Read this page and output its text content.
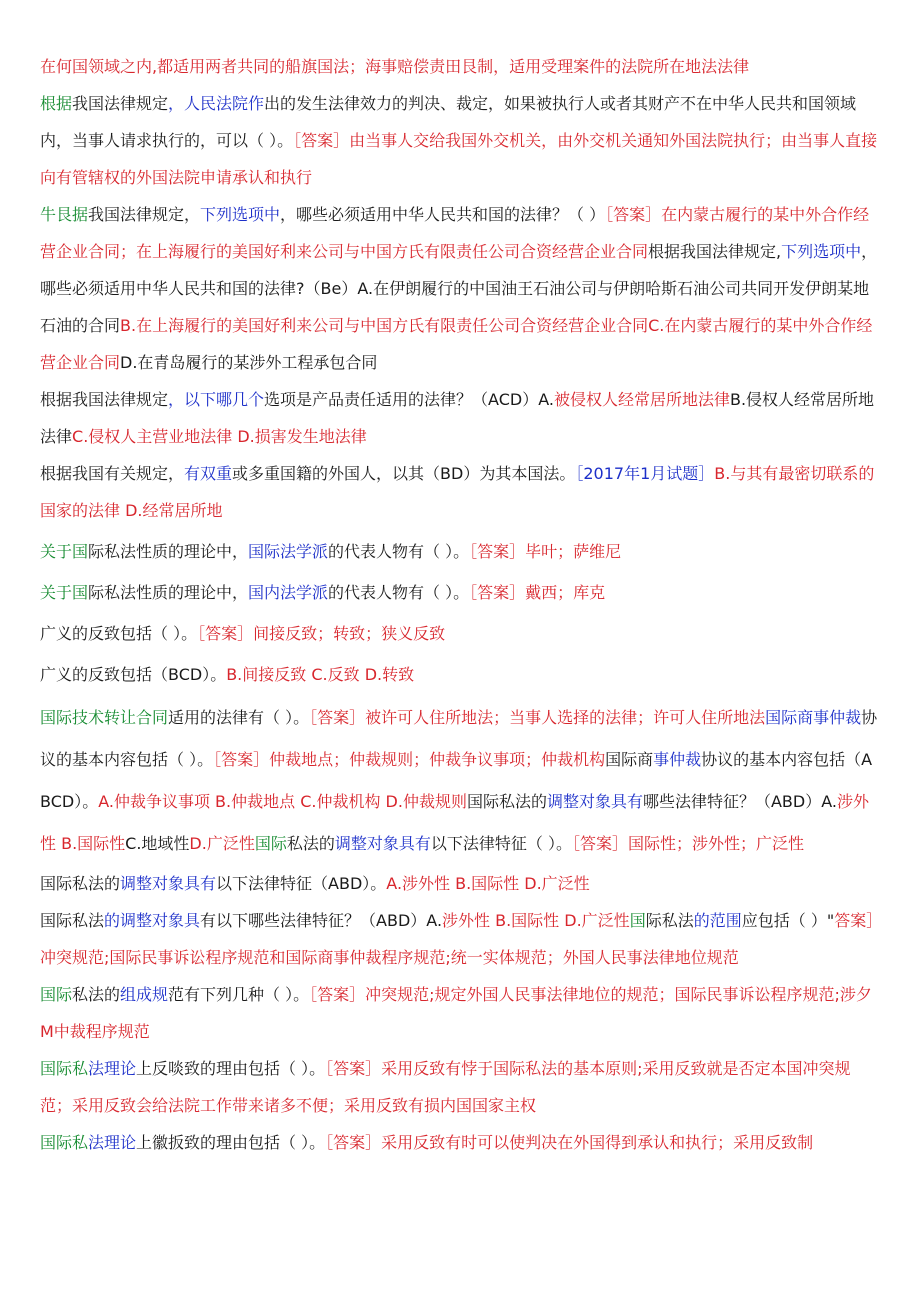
在何国领域之内,都适用两者共同的船旗国法；海事赔偿责田艮制，适用受理案件的法院所在地法法律

根据我国法律规定，人民法院作出的发生法律效力的判决、裁定，如果被执行人或者其财产不在中华人民共和国领域内，当事人请求执行的，可以（ ）。［答案］由当事人交给我国外交机关，由外交机关通知外国法院执行；由当事人直接向有管辖权的外国法院申请承认和执行

牛艮据我国法律规定，下列选项中，哪些必须适用中华人民共和国的法律？（ ）［答案］在内蒙古履行的某中外合作经营企业合同；在上海履行的美国好利来公司与中国方氏有限责任公司合资经营企业合同根据我国法律规定,下列选项中，哪些必须适用中华人民共和国的法律?（Be）A.在伊朗履行的中国油王石油公司与伊朗哈斯石油公司共同开发伊朗某地石油的合同B.在上海履行的美国好利来公司与中国方氏有限责任公司合资经营企业合同C.在内蒙古履行的某中外合作经营企业合同D.在青岛履行的某涉外工程承包合同

根据我国法律规定，以下哪几个选项是产品责任适用的法律？（ACD）A.被侵权人经常居所地法律B.侵权人经常居所地法律C.侵权人主营业地法律 D.损害发生地法律

根据我国有关规定，有双重或多重国籍的外国人，以其（BD）为其本国法。［2017年1月试题］B.与其有最密切联系的国家的法律 D.经常居所地

关于国际私法性质的理论中，国际法学派的代表人物有（ ）。［答案］毕叶；萨维尼

关于国际私法性质的理论中，国内法学派的代表人物有（ ）。［答案］戴西；库克

广义的反致包括（ ）。［答案］间接反致；转致；狭义反致

广义的反致包括（BCD）。B.间接反致 C.反致 D.转致

国际技术转让合同适用的法律有（ ）。［答案］被许可人住所地法；当事人选择的法律；许可人住所地法国际商事仲裁协议的基本内容包括（ ）。［答案］仲裁地点；仲裁规则；仲裁争议事项；仲裁机构国际商事仲裁协议的基本内容包括（ABCD）。A.仲裁争议事项 B.仲裁地点 C.仲裁机构 D.仲裁规则国际私法的调整对象具有哪些法律特征？（ABD）A.涉外性 B.国际性C.地域性D.广泛性国际私法的调整对象具有以下法律特征（ ）。［答案］国际性；涉外性；广泛性

国际私法的调整对象具有以下法律特征（ABD）。A.涉外性 B.国际性 D.广泛性

国际私法的调整对象具有以下哪些法律特征？（ABD）A.涉外性 B.国际性 D.广泛性国际私法的范围应包括（ ）"答案］冲突规范;国际民事诉讼程序规范和国际商事仲裁程序规范;统一实体规范；外国人民事法律地位规范

国际私法的组成规范有下列几种（ ）。［答案］冲突规范;规定外国人民事法律地位的规范；国际民事诉讼程序规范;涉夕M中裁程序规范

国际私法理论上反啖致的理由包括（ ）。［答案］采用反致有悖于国际私法的基本原则;采用反致就是否定本国冲突规范；采用反致会给法院工作带来诸多不便；采用反致有损内国国家主权

国际私法理论上徽扳致的理由包括（ ）。［答案］采用反致有时可以使判决在外国得到承认和执行；采用反致制
